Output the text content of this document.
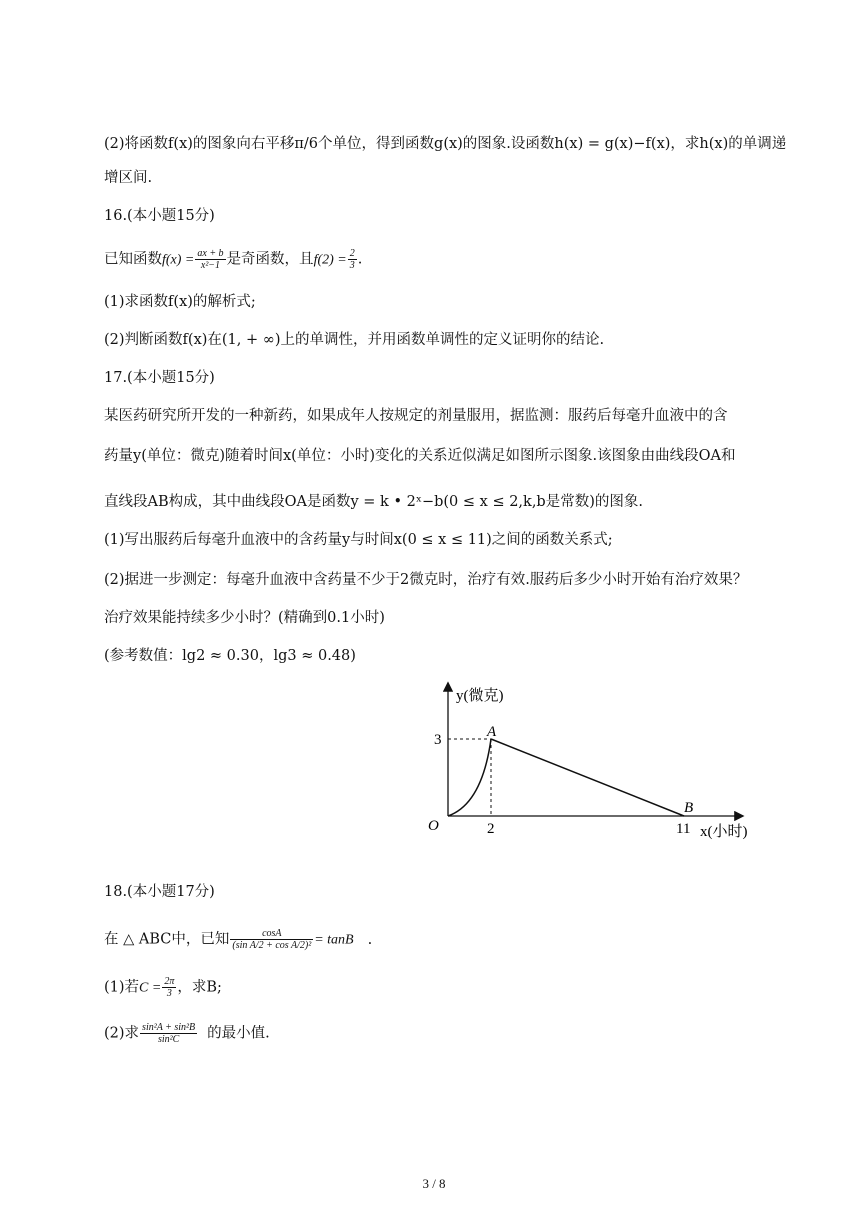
(2)将函数f(x)的图象向右平移π/6个单位，得到函数g(x)的图象.设函数h(x) = g(x)−f(x)，求h(x)的单调递
增区间.
16.(本小题15分)
已知函数$f(x) = \frac{ax + b}{\text{x²−1}}$ 是奇函数，且$f(2) = \frac{2}{3}$ .
(1)求函数f(x)的解析式;
(2)判断函数f(x)在(1, + ∞)上的单调性，并用函数单调性的定义证明你的结论.
17.(本小题15分)
某医药研究所开发的一种新药，如果成年人按规定的剂量服用，据监测：服药后每毫升血液中的含
药量y(单位：微克)随着时间x(单位：小时)变化的关系近似满足如图所示图象.该图象由曲线段OA和
直线段AB构成，其中曲线段OA是函数y = k • 2ˣ−b(0 ≤ x ≤ 2,k,b是常数)的图象.
(1)写出服药后每毫升血液中的含药量y与时间x(0 ≤ x ≤ 11)之间的函数关系式;
(2)据进一步测定：每毫升血液中含药量不少于2微克时，治疗有效.服药后多少小时开始有治疗效果？
治疗效果能持续多少小时？(精确到0.1小时)
(参考数值：lg2 ≈ 0.30，lg3 ≈ 0.48)
y(微克)
x(小时)
O
A
B
3
2	11
18.(本小题17分)
在 △ ABC中，已知 $\frac{\cos A}{\text{(sin A/2 + cos A/2)²}} = \tan B$ .
(1)若$C = \frac{2\pi}{3}$ ，求B;
(2)求 $\frac{\text{sin²A + sin²B}}{\text{sin²C}}$ 的最小值.
3 / 8
